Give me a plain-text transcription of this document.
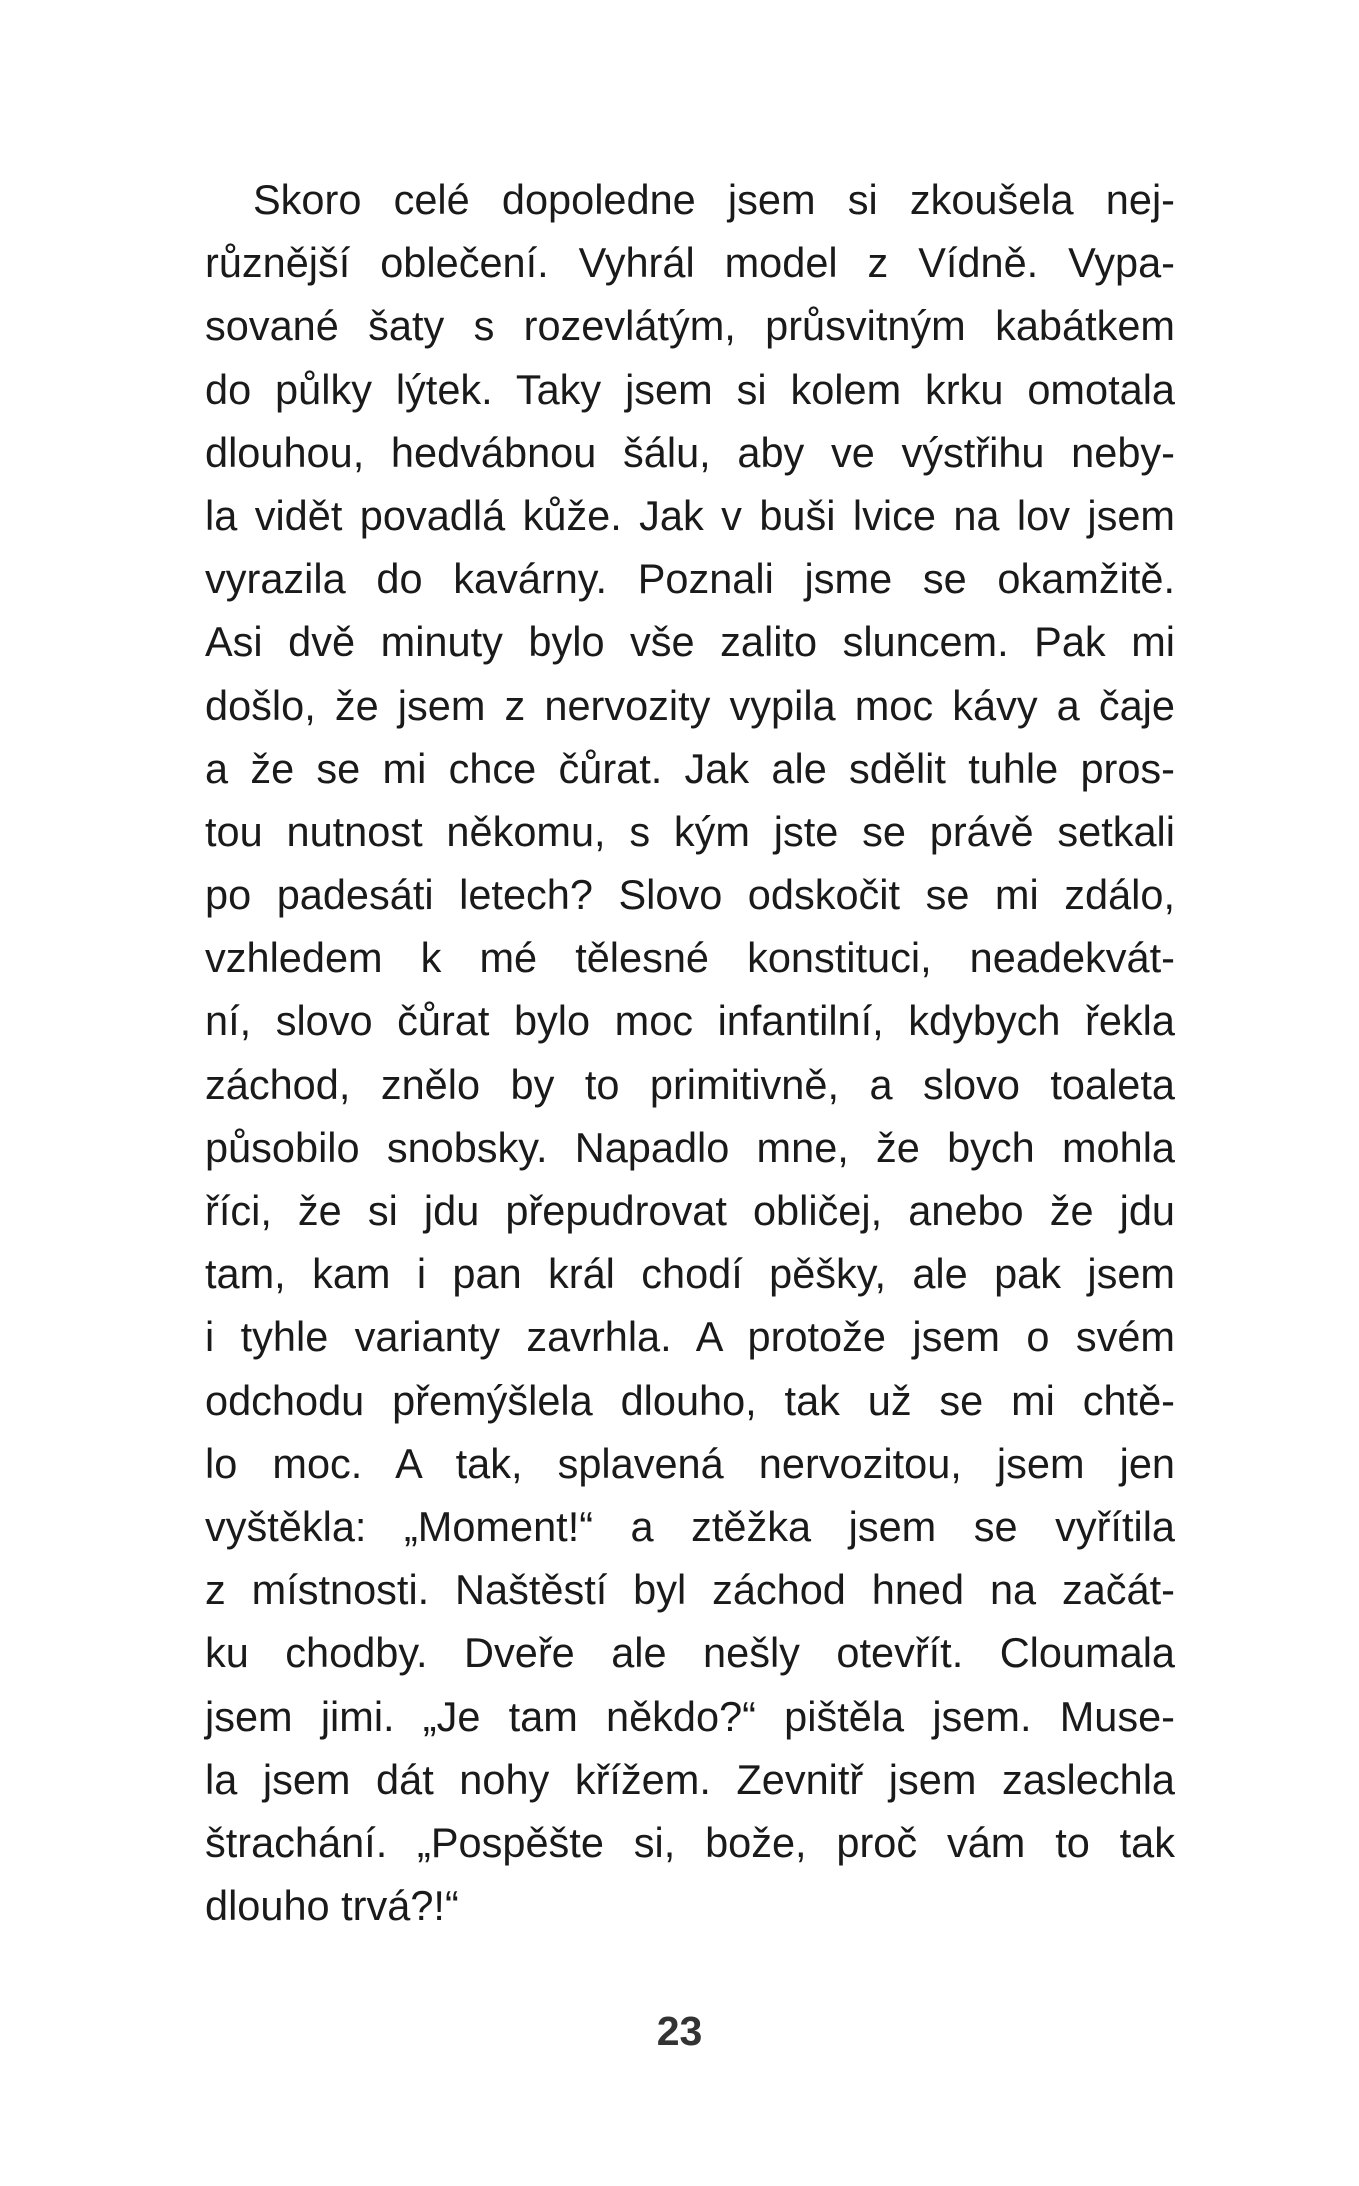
Skoro celé dopoledne jsem si zkoušela nej-
různější oblečení. Vyhrál model z Vídně. Vypa-
sované šaty s rozevlátým, průsvitným kabátkem
do půlky lýtek. Taky jsem si kolem krku omotala
dlouhou, hedvábnou šálu, aby ve výstřihu neby-
la vidět povadlá kůže. Jak v buši lvice na lov jsem
vyrazila do kavárny. Poznali jsme se okamžitě.
Asi dvě minuty bylo vše zalito sluncem. Pak mi
došlo, že jsem z nervozity vypila moc kávy a čaje
a že se mi chce čůrat. Jak ale sdělit tuhle pros-
tou nutnost někomu, s kým jste se právě setkali
po padesáti letech? Slovo odskočit se mi zdálo,
vzhledem k mé tělesné konstituci, neadekvát-
ní, slovo čůrat bylo moc infantilní, kdybych řekla
záchod, znělo by to primitivně, a slovo toaleta
působilo snobsky. Napadlo mne, že bych mohla
říci, že si jdu přepudrovat obličej, anebo že jdu
tam, kam i pan král chodí pěšky, ale pak jsem
i tyhle varianty zavrhla. A protože jsem o svém
odchodu přemýšlela dlouho, tak už se mi chtě-
lo moc. A tak, splavená nervozitou, jsem jen
vyštěkla: „Moment!“ a ztěžka jsem se vyřítila
z místnosti. Naštěstí byl záchod hned na začát-
ku chodby. Dveře ale nešly otevřít. Cloumala
jsem jimi. „Je tam někdo?“ pištěla jsem. Muse-
la jsem dát nohy křížem. Zevnitř jsem zaslechla
štrachání. „Pospěšte si, bože, proč vám to tak
dlouho trvá?!“

23
